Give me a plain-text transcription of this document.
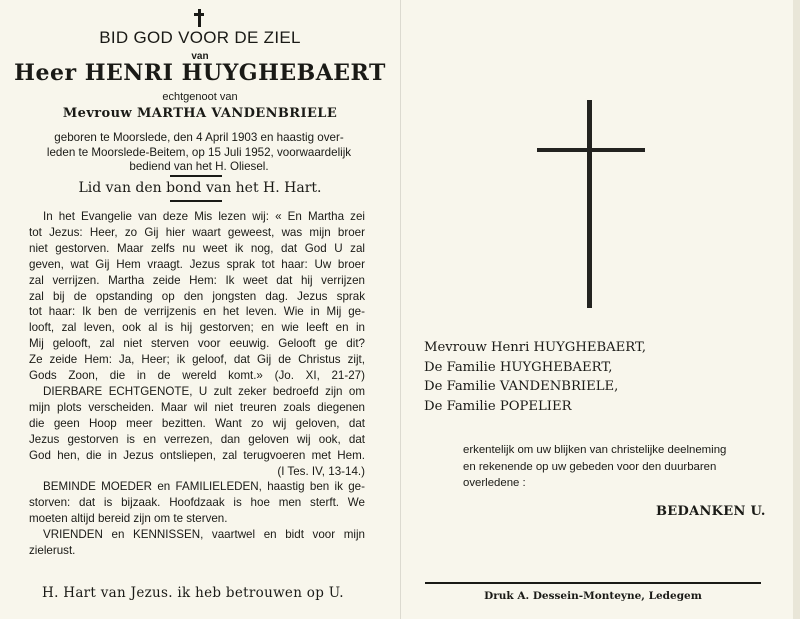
BID GOD VOOR DE ZIEL
van
Heer HENRI HUYGHEBAERT
echtgenoot van
Mevrouw MARTHA VANDENBRIELE
geboren te Moorslede, den 4 April 1903 en haastig over-
leden te Moorslede-Beitem, op 15 Juli 1952, voorwaardelijk
bediend van het H. Oliesel.
Lid van den bond van het H. Hart.
In het Evangelie van deze Mis lezen wij: « En Martha zei
tot Jezus: Heer, zo Gij hier waart geweest, was mijn broer
niet gestorven. Maar zelfs nu weet ik nog, dat God U zal
geven, wat Gij Hem vraagt. Jezus sprak tot haar: Uw broer
zal verrijzen. Martha zeide Hem: Ik weet dat hij verrijzen
zal bij de opstanding op den jongsten dag. Jezus sprak
tot haar: Ik ben de verrijzenis en het leven. Wie in Mij ge-
looft, zal leven, ook al is hij gestorven; en wie leeft en in
Mij gelooft, zal niet sterven voor eeuwig. Gelooft ge dit?
Ze zeide Hem: Ja, Heer; ik geloof, dat Gij de Christus zijt,
Gods Zoon, die in de wereld komt.» (Jo. XI, 21-27)
DIERBARE ECHTGENOTE, U zult zeker bedroefd zijn om
mijn plots verscheiden. Maar wil niet treuren zoals diegenen
die geen Hoop meer bezitten. Want zo wij geloven, dat
Jezus gestorven is en verrezen, dan geloven wij ook, dat
God hen, die in Jezus ontsliepen, zal terugvoeren met Hem.
(I Tes. IV, 13-14.)
BEMINDE MOEDER en FAMILIELEDEN, haastig ben ik ge-
storven: dat is bijzaak. Hoofdzaak is hoe men sterft. We
moeten altijd bereid zijn om te sterven.
VRIENDEN en KENNISSEN, vaartwel en bidt voor mijn
zielerust.
H. Hart van Jezus. ik heb betrouwen op U.
Mevrouw Henri HUYGHEBAERT,
De Familie HUYGHEBAERT,
De Familie VANDENBRIELE,
De Familie POPELIER
erkentelijk om uw blijken van christelijke deelneming
en rekenende op uw gebeden voor den duurbaren
overledene :
BEDANKEN U.
Druk A. Dessein-Monteyne, Ledegem
